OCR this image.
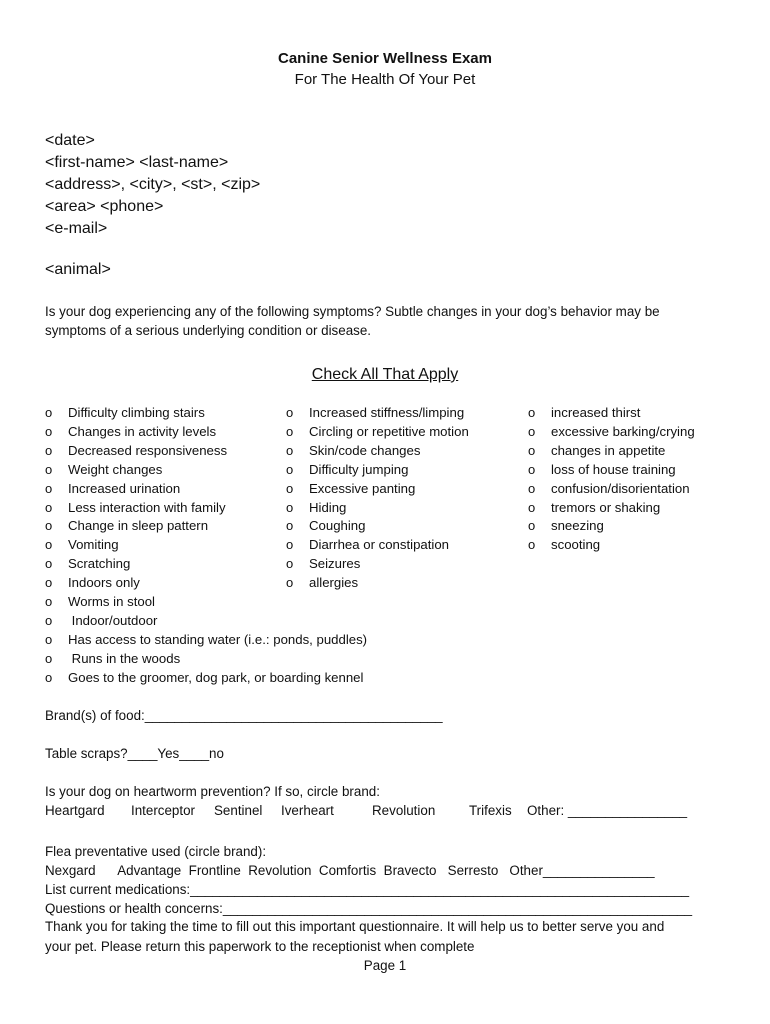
Canine Senior Wellness Exam
For The Health Of Your Pet
<date>
<first-name> <last-name>
<address>, <city>, <st>, <zip>
<area> <phone>
<e-mail>
<animal>
Is your dog experiencing any of the following symptoms? Subtle changes in your dog’s behavior may be
symptoms of a serious underlying condition or disease.
Check All That Apply
o Difficulty climbing stairs
o Changes in activity levels
o Decreased responsiveness
o Weight changes
o Increased urination
o Less interaction with family
o Change in sleep pattern
o Vomiting
o Scratching
o Indoors only
o Worms in stool
o Indoor/outdoor
o Has access to standing water (i.e.: ponds, puddles)
o Runs in the woods
o Goes to the groomer, dog park, or boarding kennel
o Increased stiffness/limping
o Circling or repetitive motion
o Skin/code changes
o Difficulty jumping
o Excessive panting
o Hiding
o Coughing
o Diarrhea or constipation
o Seizures
o allergies
o increased thirst
o excessive barking/crying
o changes in appetite
o loss of house training
o confusion/disorientation
o tremors or shaking
o sneezing
o scooting
Brand(s) of food:________________________________________
Table scraps?____Yes____no
Is your dog on heartworm prevention? If so, circle brand:
Heartgard Interceptor Sentinel Iverheart	Revolution	Trifexis Other: ________________
Flea preventative used (circle brand):
Nexgard      Advantage  Frontline  Revolution  Comfortis  Bravecto   Serresto   Other_______________
List current medications:___________________________________________________________________
Questions or health concerns:_______________________________________________________________
Thank you for taking the time to fill out this important questionnaire. It will help us to better serve you and
your pet. Please return this paperwork to the receptionist when complete
Page 1
